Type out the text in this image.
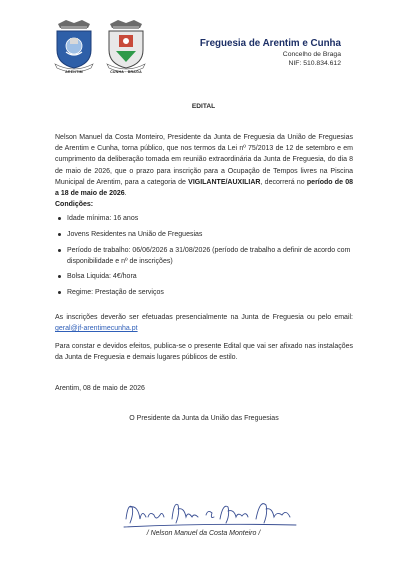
ARENTIM	CUNHA · BRAGA
Freguesia de Arentim e Cunha
Concelho de Braga
NIF: 510.834.612
EDITAL

Nelson Manuel da Costa Monteiro, Presidente da Junta de Freguesia da União de Freguesias de Arentim e Cunha, torna público, que nos termos da Lei nº 75/2013 de 12 de setembro e em cumprimento da deliberação tomada em reunião extraordinária da Junta de Freguesia, do dia 8 de maio de 2026, que o prazo para inscrição para a Ocupação de Tempos livres na Piscina Municipal de Arentim, para a categoria de VIGILANTE/AUXILIAR, decorrerá no período de 08 a 18 de maio de 2026.

Condições:
Idade mínima: 16 anos
Jovens Residentes na União de Freguesias
Período de trabalho: 06/06/2026 a 31/08/2026 (período de trabalho a definir de acordo com disponibilidade e nº de inscrições)
Bolsa Liquida: 4€/hora
Regime: Prestação de serviços

As inscrições deverão ser efetuadas presencialmente na Junta de Freguesia ou pelo email: geral@jf-arentimecunha.pt

Para constar e devidos efeitos, publica-se o presente Edital que vai ser afixado nas instalações da Junta de Freguesia e demais lugares públicos de estilo.

Arentim, 08 de maio de 2026

O Presidente da Junta da União das Freguesias

/ Nelson Manuel da Costa Monteiro /
